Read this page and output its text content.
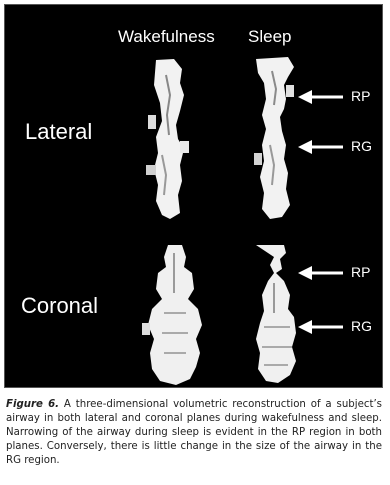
Wakefulness Sleep
Lateral
Coronal
RP
RG
RP
RG
Figure 6. A three-dimensional volumetric reconstruction of a subject’s airway in both lateral and coronal planes during wakefulness and sleep. Narrowing of the airway during sleep is evident in the RP region in both planes. Conversely, there is little change in the size of the airway in the RG region.
